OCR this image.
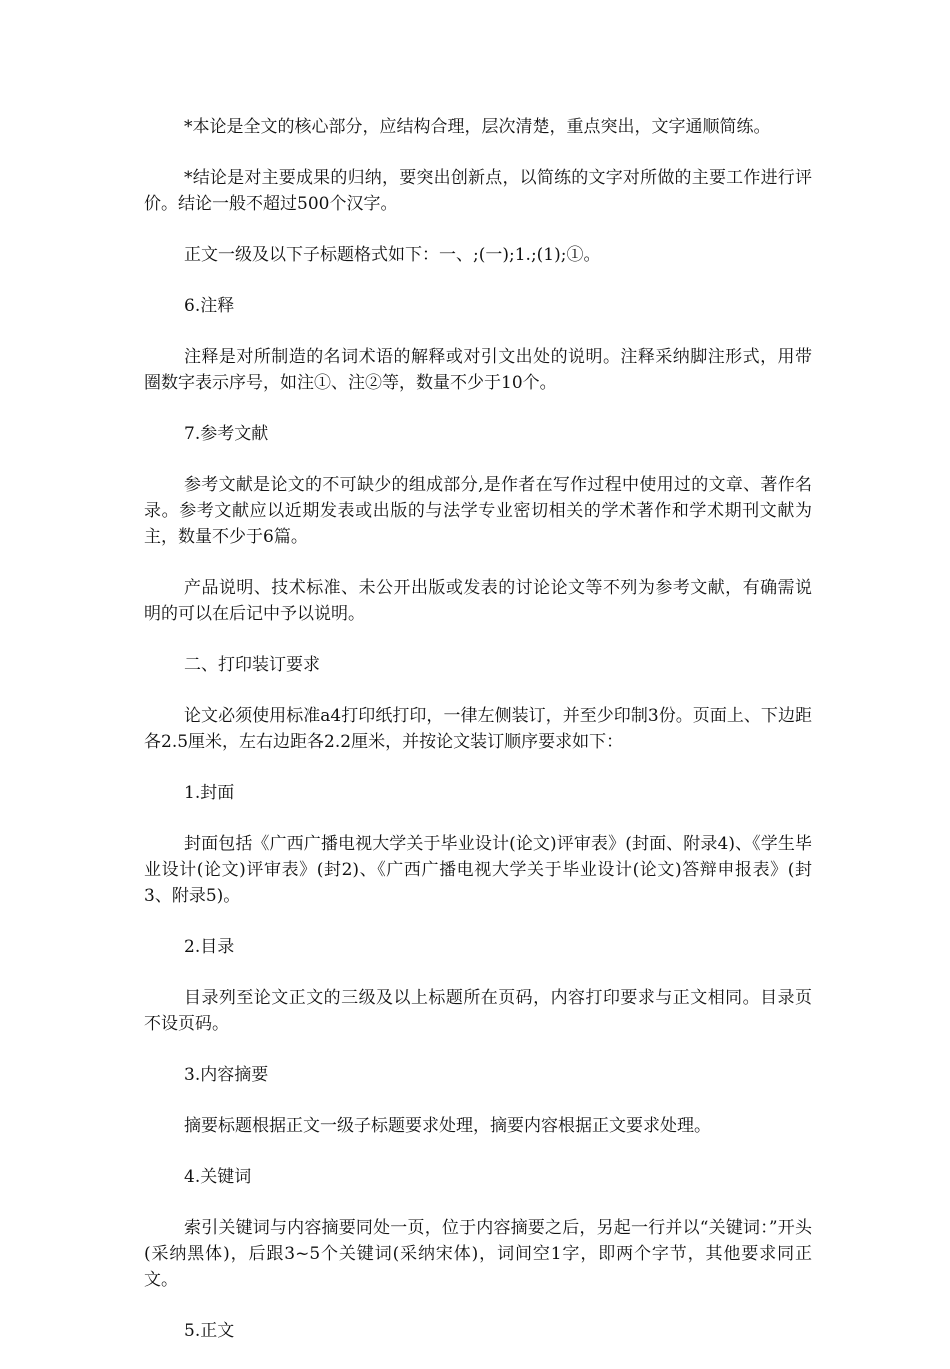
*本论是全文的核心部分，应结构合理，层次清楚，重点突出，文字通顺简练。

*结论是对主要成果的归纳，要突出创新点，以简练的文字对所做的主要工作进行评价。结论一般不超过500个汉字。

正文一级及以下子标题格式如下：一、;(一);1.;(1);①。

6.注释

注释是对所制造的名词术语的解释或对引文出处的说明。注释采纳脚注形式，用带圈数字表示序号，如注①、注②等，数量不少于10个。

7.参考文献

参考文献是论文的不可缺少的组成部分,是作者在写作过程中使用过的文章、著作名录。参考文献应以近期发表或出版的与法学专业密切相关的学术著作和学术期刊文献为主，数量不少于6篇。

产品说明、技术标准、未公开出版或发表的讨论论文等不列为参考文献，有确需说明的可以在后记中予以说明。

二、打印装订要求

论文必须使用标准a4打印纸打印，一律左侧装订，并至少印制3份。页面上、下边距各2.5厘米，左右边距各2.2厘米，并按论文装订顺序要求如下：

1.封面

封面包括《广西广播电视大学关于毕业设计(论文)评审表》(封面、附录4)、《学生毕业设计(论文)评审表》(封2)、《广西广播电视大学关于毕业设计(论文)答辩申报表》(封3、附录5)。

2.目录

目录列至论文正文的三级及以上标题所在页码，内容打印要求与正文相同。目录页不设页码。

3.内容摘要

摘要标题根据正文一级子标题要求处理，摘要内容根据正文要求处理。

4.关键词

索引关键词与内容摘要同处一页，位于内容摘要之后，另起一行并以“关键词：”开头(采纳黑体)，后跟3~5个关键词(采纳宋体)，词间空1字，即两个字节，其他要求同正文。

5.正文
